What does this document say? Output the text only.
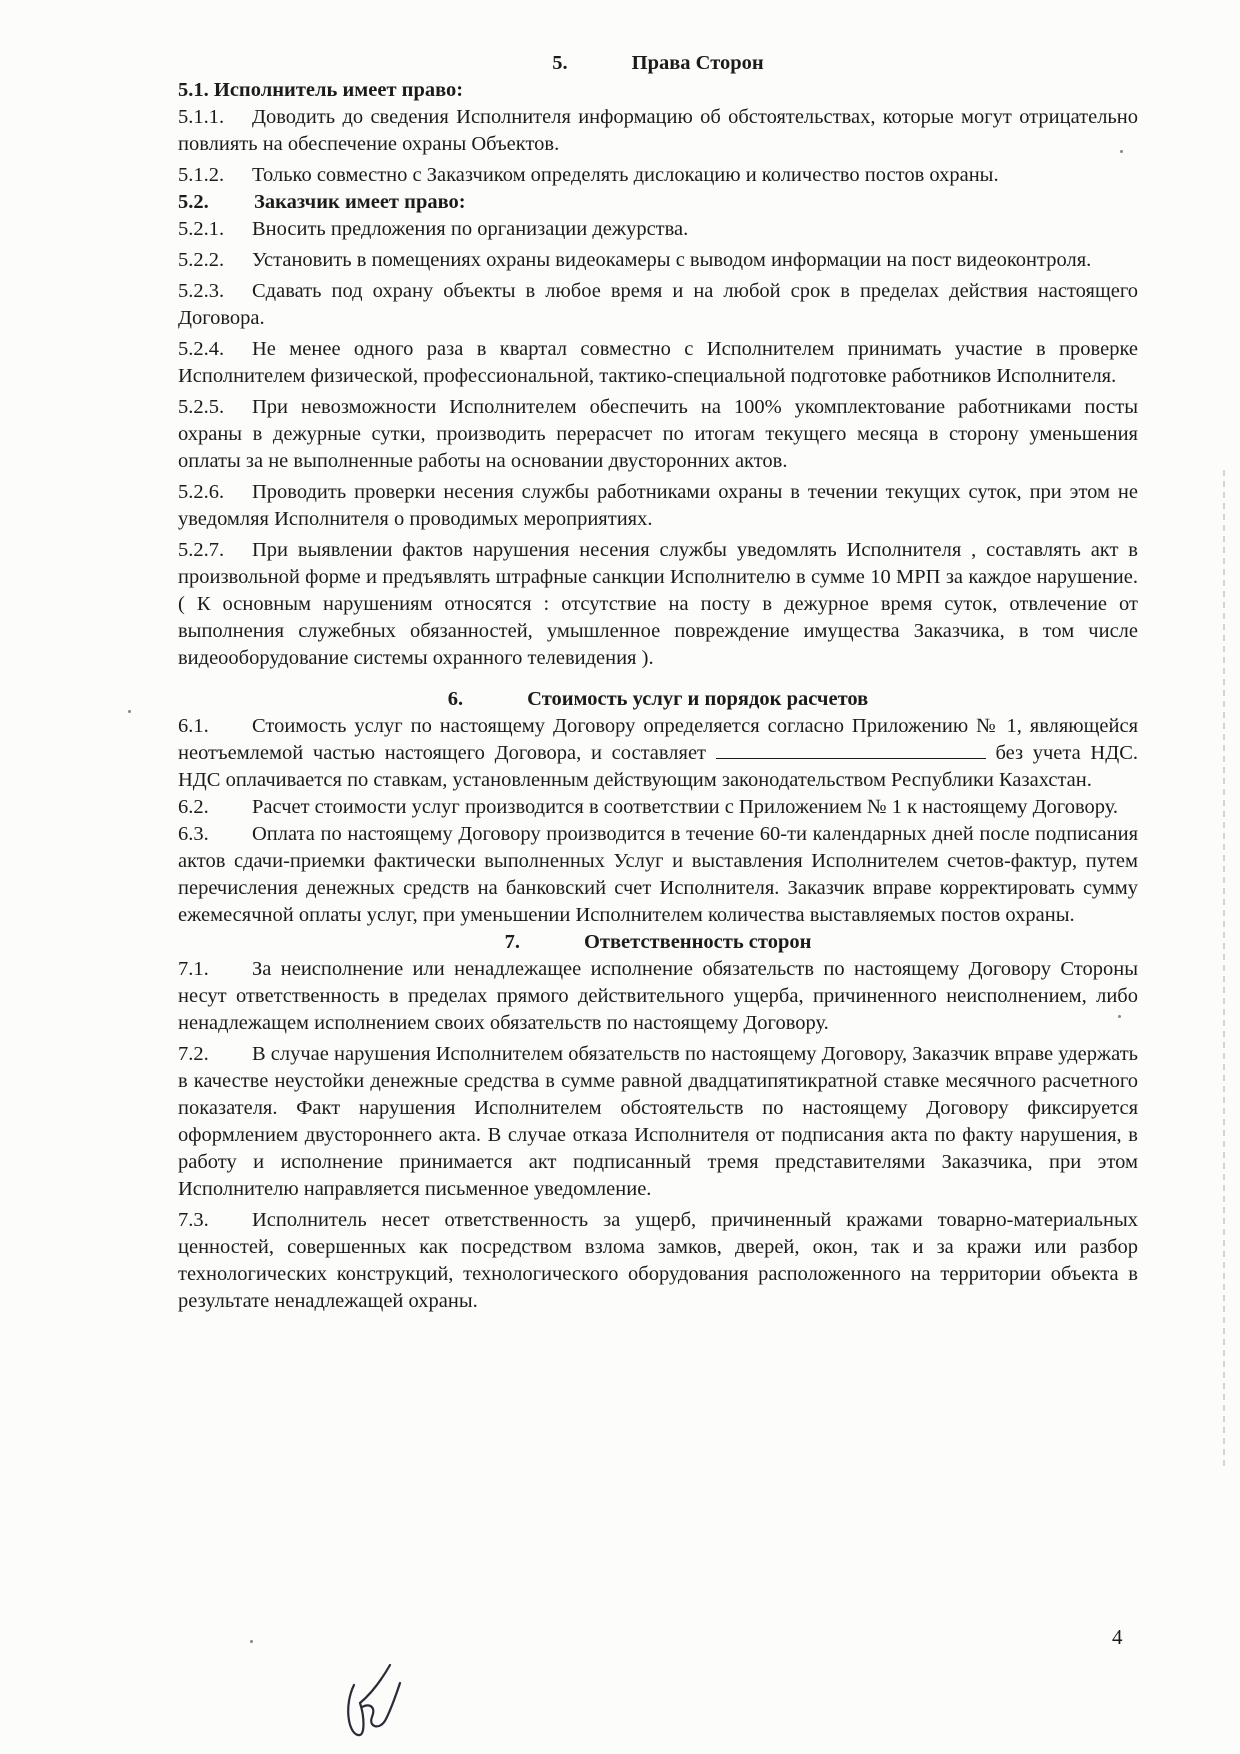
5.	Права Сторон

5.1. Исполнитель имеет право:

5.1.1. Доводить до сведения Исполнителя информацию об обстоятельствах, которые могут отрицательно повлиять на обеспечение охраны Объектов.

5.1.2. Только совместно с Заказчиком определять дислокацию и количество постов охраны.

5.2. Заказчик имеет право:

5.2.1. Вносить предложения по организации дежурства.

5.2.2. Установить в помещениях охраны видеокамеры с выводом информации на пост видеоконтроля.

5.2.3. Сдавать под охрану объекты в любое время и на любой срок в пределах действия настоящего Договора.

5.2.4. Не менее одного раза в квартал совместно с Исполнителем принимать участие в проверке Исполнителем физической, профессиональной, тактико-специальной подготовке работников Исполнителя.

5.2.5. При невозможности Исполнителем обеспечить на 100% укомплектование работниками посты охраны в дежурные сутки, производить перерасчет по итогам текущего месяца в сторону уменьшения оплаты за не выполненные работы на основании двусторонних актов.

5.2.6. Проводить проверки несения службы работниками охраны в течении текущих суток, при этом не уведомляя Исполнителя о проводимых мероприятиях.

5.2.7. При выявлении фактов нарушения несения службы уведомлять Исполнителя , составлять акт в произвольной форме и предъявлять штрафные санкции Исполнителю в сумме 10 МРП за каждое нарушение. ( К основным нарушениям относятся : отсутствие на посту в дежурное время суток, отвлечение от выполнения служебных обязанностей, умышленное повреждение имущества Заказчика, в том числе видеооборудование системы охранного телевидения ).

6.	Стоимость услуг и порядок расчетов

6.1. Стоимость услуг по настоящему Договору определяется согласно Приложению № 1, являющейся неотъемлемой частью настоящего Договора, и составляет	без учета НДС. НДС оплачивается по ставкам, установленным действующим законодательством Республики Казахстан.

6.2. Расчет стоимости услуг производится в соответствии с Приложением № 1 к настоящему Договору.

6.3. Оплата по настоящему Договору производится в течение 60-ти календарных дней после подписания актов сдачи-приемки фактически выполненных Услуг и выставления Исполнителем счетов-фактур, путем перечисления денежных средств на банковский счет Исполнителя. Заказчик вправе корректировать сумму ежемесячной оплаты услуг, при уменьшении Исполнителем количества выставляемых постов охраны.

7.	Ответственность сторон

7.1. За неисполнение или ненадлежащее исполнение обязательств по настоящему Договору Стороны несут ответственность в пределах прямого действительного ущерба, причиненного неисполнением, либо ненадлежащем исполнением своих обязательств по настоящему Договору.

7.2. В случае нарушения Исполнителем обязательств по настоящему Договору, Заказчик вправе удержать в качестве неустойки денежные средства в сумме равной двадцатипятикратной ставке месячного расчетного показателя. Факт нарушения Исполнителем обстоятельств по настоящему Договору фиксируется оформлением двустороннего акта. В случае отказа Исполнителя от подписания акта по факту нарушения, в работу и исполнение принимается акт подписанный тремя представителями Заказчика, при этом Исполнителю направляется письменное уведомление.

7.3. Исполнитель несет ответственность за ущерб, причиненный кражами товарно-материальных ценностей, совершенных как посредством взлома замков, дверей, окон, так и за кражи или разбор технологических конструкций, технологического оборудования расположенного на территории объекта в результате ненадлежащей охраны.

4
